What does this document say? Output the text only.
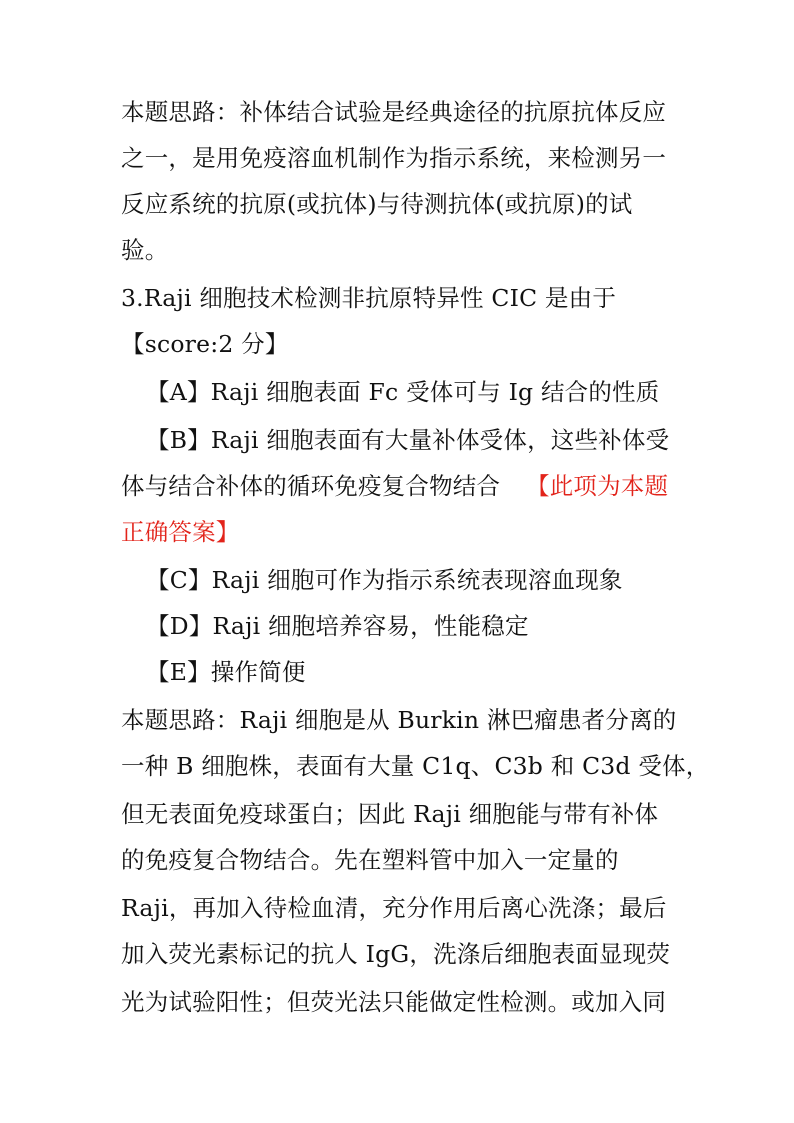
本题思路：补体结合试验是经典途径的抗原抗体反应
之一，是用免疫溶血机制作为指示系统，来检测另一
反应系统的抗原(或抗体)与待测抗体(或抗原)的试
验。
3.Raji 细胞技术检测非抗原特异性 CIC 是由于
【score:2 分】
【A】Raji 细胞表面 Fc 受体可与 Ig 结合的性质
【B】Raji 细胞表面有大量补体受体，这些补体受
体与结合补体的循环免疫复合物结合 【此项为本题
正确答案】
【C】Raji 细胞可作为指示系统表现溶血现象
【D】Raji 细胞培养容易，性能稳定
【E】操作简便
本题思路：Raji 细胞是从 Burkin 淋巴瘤患者分离的
一种 B 细胞株，表面有大量 C1q、C3b 和 C3d 受体，
但无表面免疫球蛋白；因此 Raji 细胞能与带有补体
的免疫复合物结合。先在塑料管中加入一定量的
Raji，再加入待检血清，充分作用后离心洗涤；最后
加入荧光素标记的抗人 IgG，洗涤后细胞表面显现荧
光为试验阳性；但荧光法只能做定性检测。或加入同
